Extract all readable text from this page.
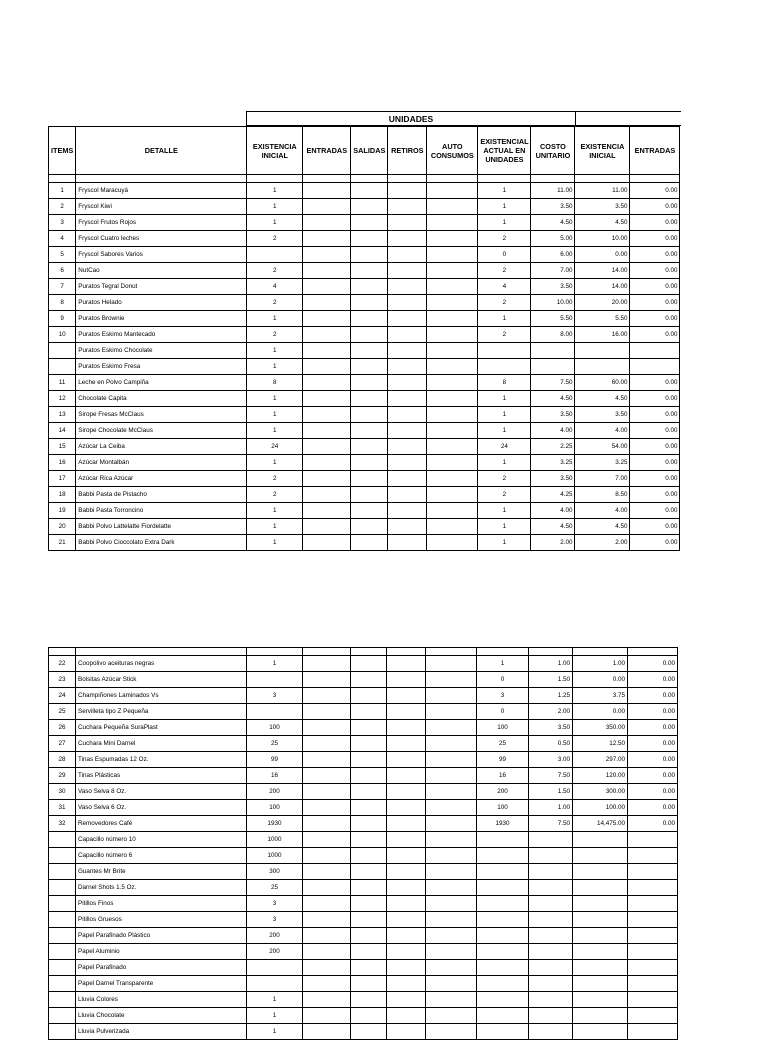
UNIDADES	
ITEMS	DETALLE	EXISTENCIA INICIAL	ENTRADAS	SALIDAS	RETIROS	AUTO CONSUMOS	EXISTENCIAL ACTUAL EN UNIDADES	COSTO UNITARIO	EXISTENCIA INICIAL	ENTRADAS

1	Fryscol Maracuyá	1					1	11.00	11.00	0.00
2	Fryscol Kiwi	1					1	3.50	3.50	0.00
3	Fryscol Frutos Rojos	1					1	4.50	4.50	0.00
4	Fryscol Cuatro leches	2					2	5.00	10.00	0.00
5	Fryscol Sabores Varios						0	6.00	0.00	0.00
6	NutCao	2					2	7.00	14.00	0.00
7	Puratos Tegral Donut	4					4	3.50	14.00	0.00
8	Puratos Helado	2					2	10.00	20.00	0.00
9	Puratos Brownie	1					1	5.50	5.50	0.00
10	Puratos Eskimo Mantecado	2					2	8.00	16.00	0.00
	Puratos Eskimo Chocolate	1								
	Puratos Eskimo Fresa	1								
11	Leche en Polvo Campiña	8					8	7.50	60.00	0.00
12	Chocolate Capita	1					1	4.50	4.50	0.00
13	Sirope Fresas McClaus	1					1	3.50	3.50	0.00
14	Sirope Chocolate McClaus	1					1	4.00	4.00	0.00
15	Azúcar La Ceiba	24					24	2.25	54.00	0.00
16	Azúcar Montalbán	1					1	3.25	3.25	0.00
17	Azúcar Rica Azúcar	2					2	3.50	7.00	0.00
18	Babbi Pasta de Pistacho	2					2	4.25	8.50	0.00
19	Babbi Pasta Torroncino	1					1	4.00	4.00	0.00
20	Babbi Polvo Lattelatte Fiordelatte	1					1	4.50	4.50	0.00
21	Babbi Polvo Cioccolato Extra Dark	1					1	2.00	2.00	0.00

22	Coopolivo aceituras negras	1					1	1.00	1.00	0.00
23	Bolsitas Azúcar Stick						0	1.50	0.00	0.00
24	Champiñones Laminados Vs	3					3	1.25	3.75	0.00
25	Servilleta tipo Z Pequeña						0	2.00	0.00	0.00
26	Cuchara Pequeña SuraPlast	100					100	3.50	350.00	0.00
27	Cuchara Mini Darnel	25					25	0.50	12.50	0.00
28	Tinas Espumadas 12 Oz.	99					99	3.00	297.00	0.00
29	Tinas Plásticas	16					16	7.50	120.00	0.00
30	Vaso Selva 8 Oz.	200					200	1.50	300.00	0.00
31	Vaso Selva 6 Oz.	100					100	1.00	100.00	0.00
32	Removedores Café	1930					1930	7.50	14,475.00	0.00
	Capacillo número 10	1000								
	Capacillo número 6	1000								
	Guantes Mr Brite	300								
	Darnel Shots 1.5 Oz.	25								
	Pitillos Finos	3								
	Pitillos Gruesos	3								
	Papel Parafinado Plástico	200								
	Papel Aluminio	200								
	Papel Parafinado									
	Papel Darnel Transparente									
	Lluvia Colores	1								
	Lluvia Chocolate	1								
	Lluvia Pulverizada	1								
